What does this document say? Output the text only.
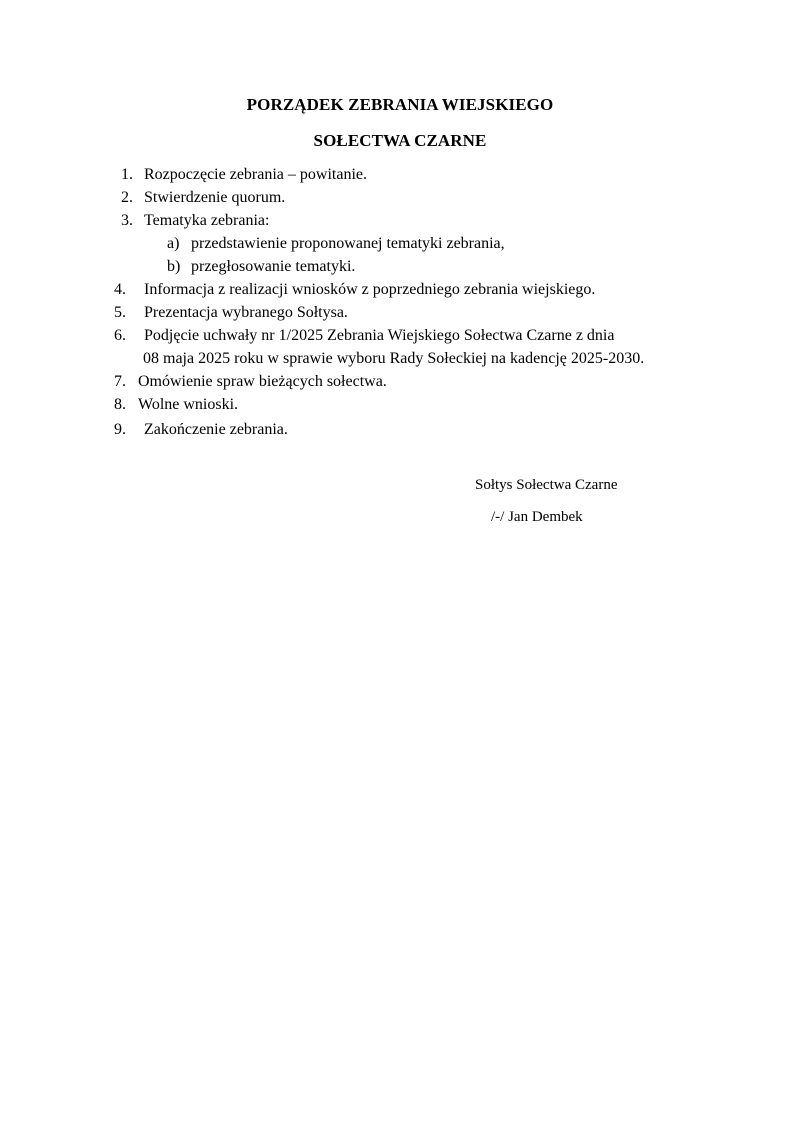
PORZĄDEK ZEBRANIA WIEJSKIEGO
SOŁECTWA CZARNE
1. Rozpoczęcie zebrania – powitanie.
2. Stwierdzenie quorum.
3. Tematyka zebrania:
a) przedstawienie proponowanej tematyki zebrania,
b) przegłosowanie tematyki.
4. Informacja z realizacji wniosków z poprzedniego zebrania wiejskiego.
5. Prezentacja wybranego Sołtysa.
6. Podjęcie uchwały nr 1/2025 Zebrania Wiejskiego Sołectwa Czarne z dnia
08 maja 2025 roku w sprawie wyboru Rady Sołeckiej na kadencję 2025-2030.
7. Omówienie spraw bieżących sołectwa.
8. Wolne wnioski.
9. Zakończenie zebrania.
Sołtys Sołectwa Czarne
/-/ Jan Dembek
